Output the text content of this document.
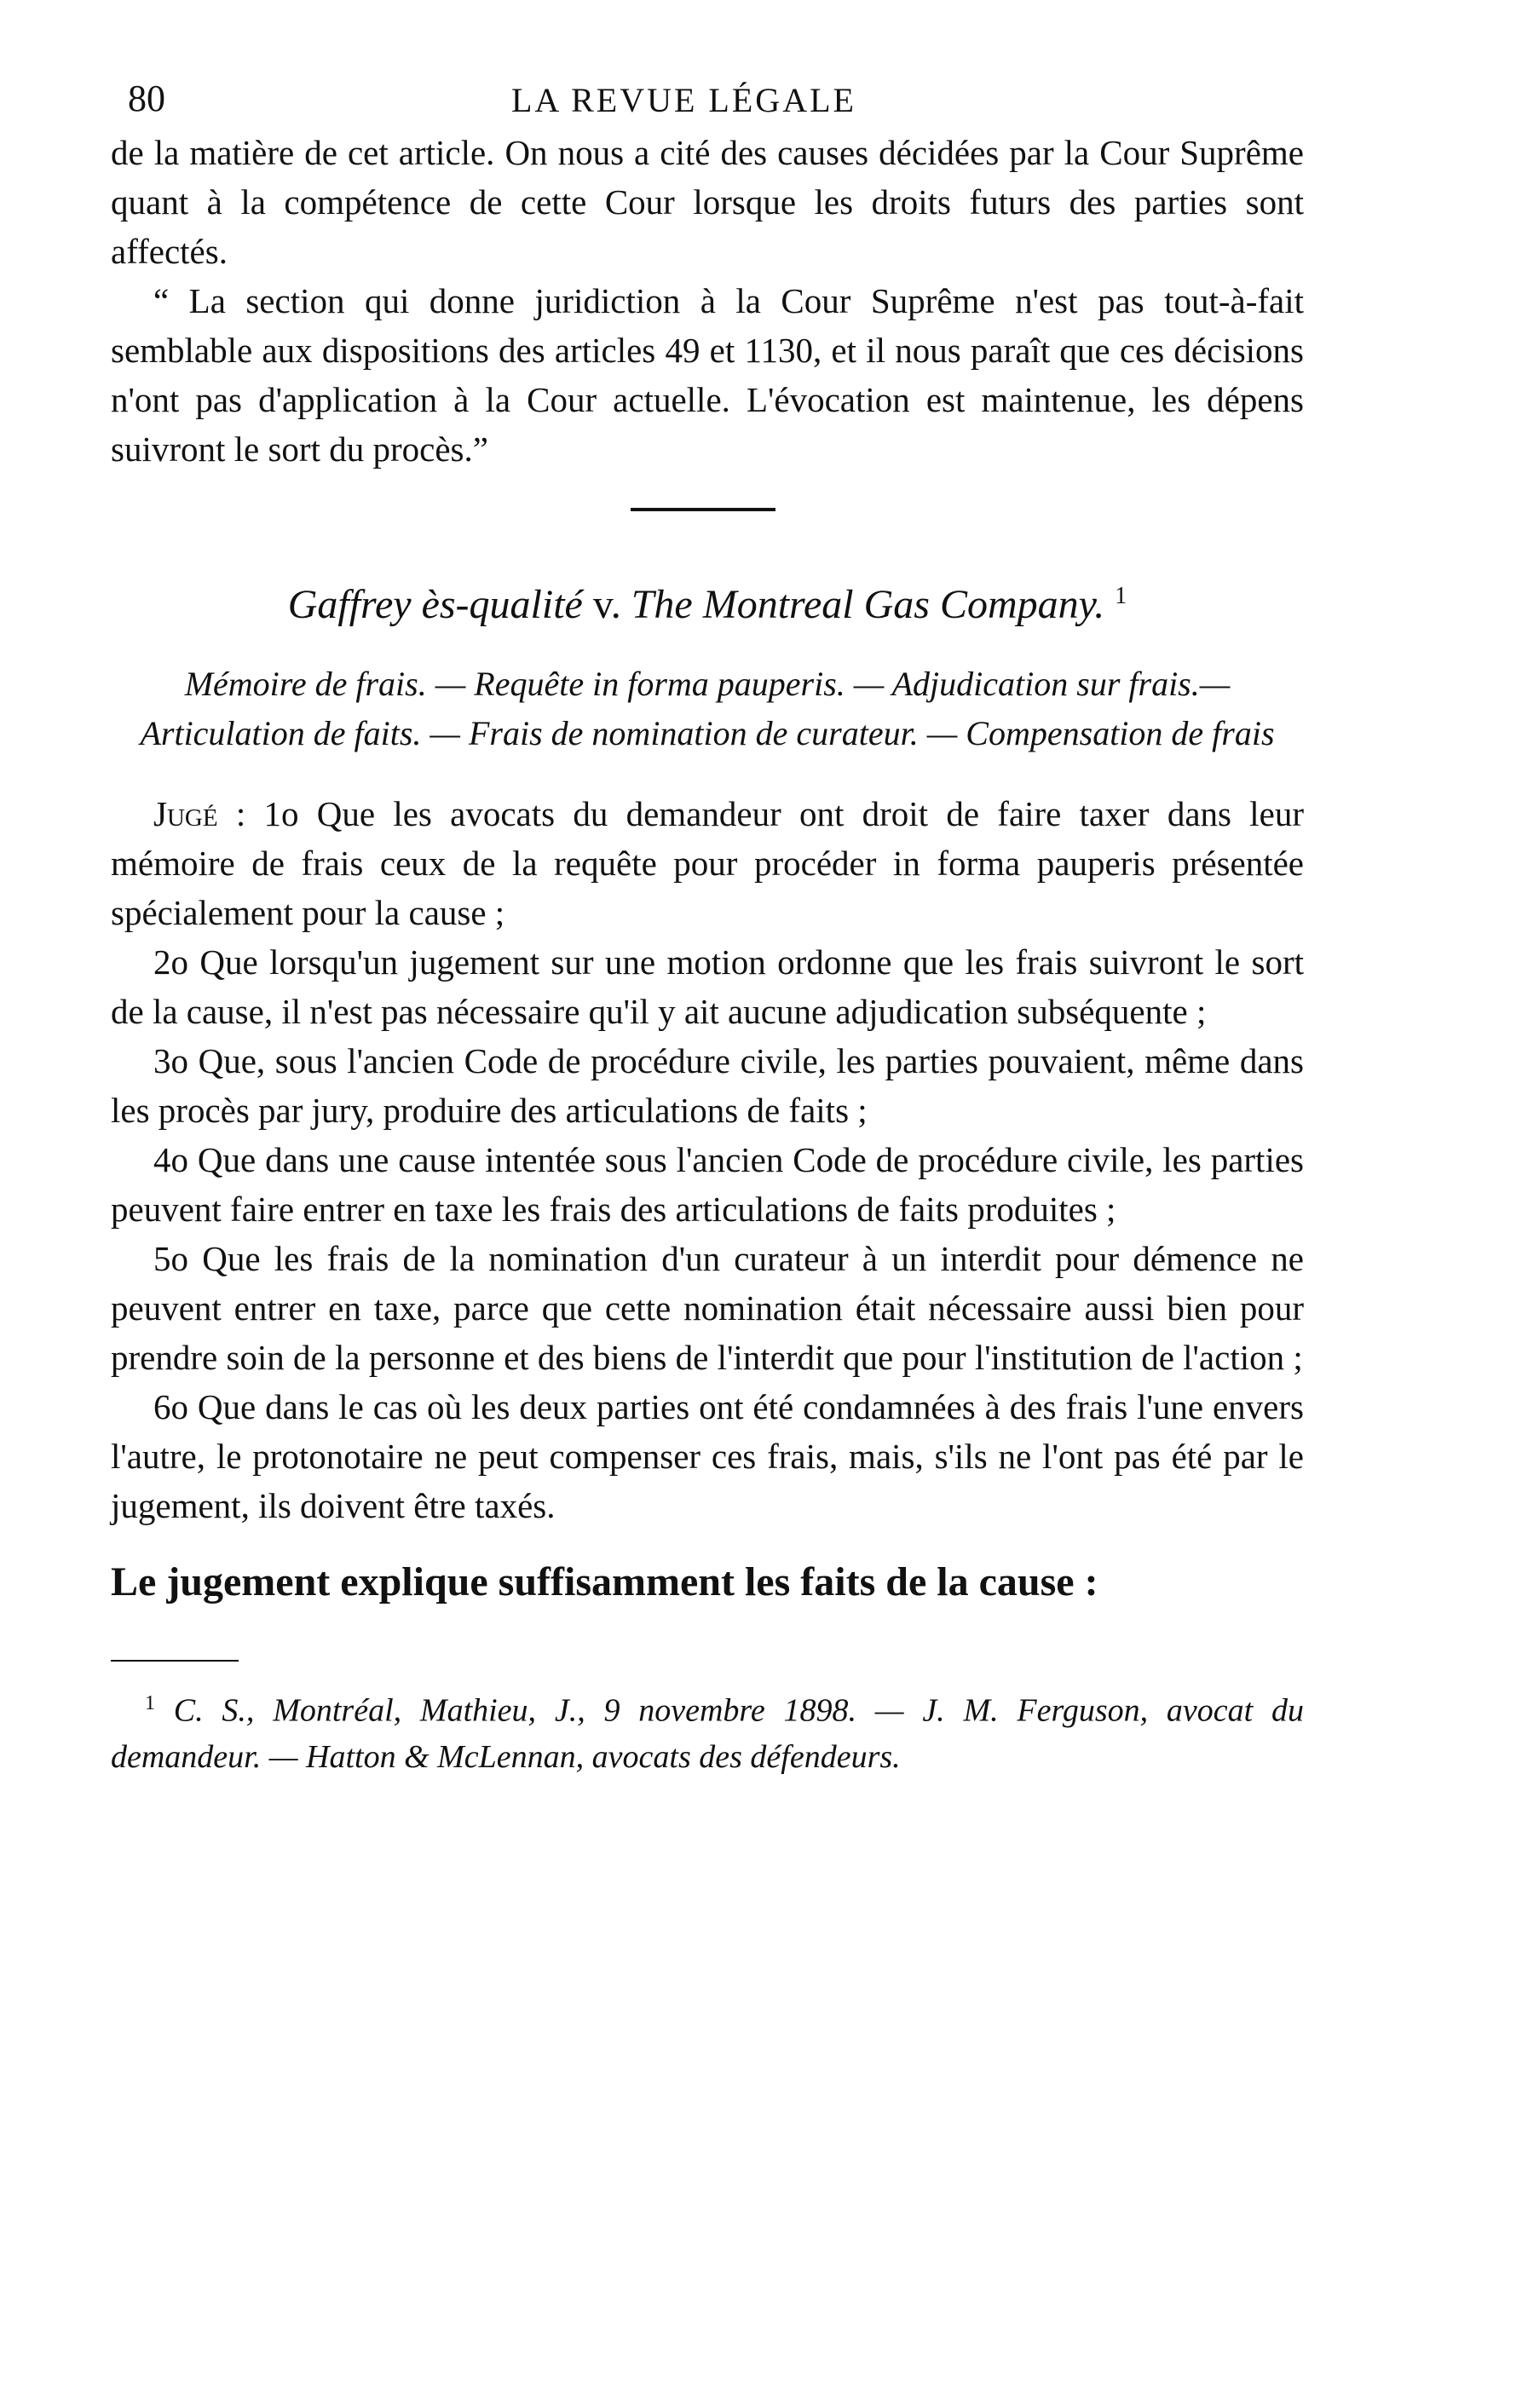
80	LA REVUE LÉGALE

de la matière de cet article. On nous a cité des causes décidées par la Cour Suprême quant à la compétence de cette Cour lorsque les droits futurs des parties sont affectés.

“ La section qui donne juridiction à la Cour Suprême n'est pas tout-à-fait semblable aux dispositions des articles 49 et 1130, et il nous paraît que ces décisions n'ont pas d'application à la Cour actuelle. L'évocation est maintenue, les dépens suivront le sort du procès.”

Gaffrey ès-qualité v. The Montreal Gas Company. $^1$
Mémoire de frais. — Requête in forma pauperis. — Adjudication sur frais.—Articulation de faits. — Frais de nomination de curateur. — Compensation de frais

Jugé : 1o Que les avocats du demandeur ont droit de faire taxer dans leur mémoire de frais ceux de la requête pour procéder in forma pauperis présentée spécialement pour la cause ;

2o Que lorsqu'un jugement sur une motion ordonne que les frais suivront le sort de la cause, il n'est pas nécessaire qu'il y ait aucune adjudication subséquente ;

3o Que, sous l'ancien Code de procédure civile, les parties pouvaient, même dans les procès par jury, produire des articulations de faits ;

4o Que dans une cause intentée sous l'ancien Code de procédure civile, les parties peuvent faire entrer en taxe les frais des articulations de faits produites ;

5o Que les frais de la nomination d'un curateur à un interdit pour démence ne peuvent entrer en taxe, parce que cette nomination était nécessaire aussi bien pour prendre soin de la personne et des biens de l'interdit que pour l'institution de l'action ;

6o Que dans le cas où les deux parties ont été condamnées à des frais l'une envers l'autre, le protonotaire ne peut compenser ces frais, mais, s'ils ne l'ont pas été par le jugement, ils doivent être taxés.

Le jugement explique suffisamment les faits de la cause :

$^1$ C. S., Montréal, Mathieu, J., 9 novembre 1898. — J. M. Ferguson, avocat du demandeur. — Hatton & McLennan, avocats des défendeurs.
